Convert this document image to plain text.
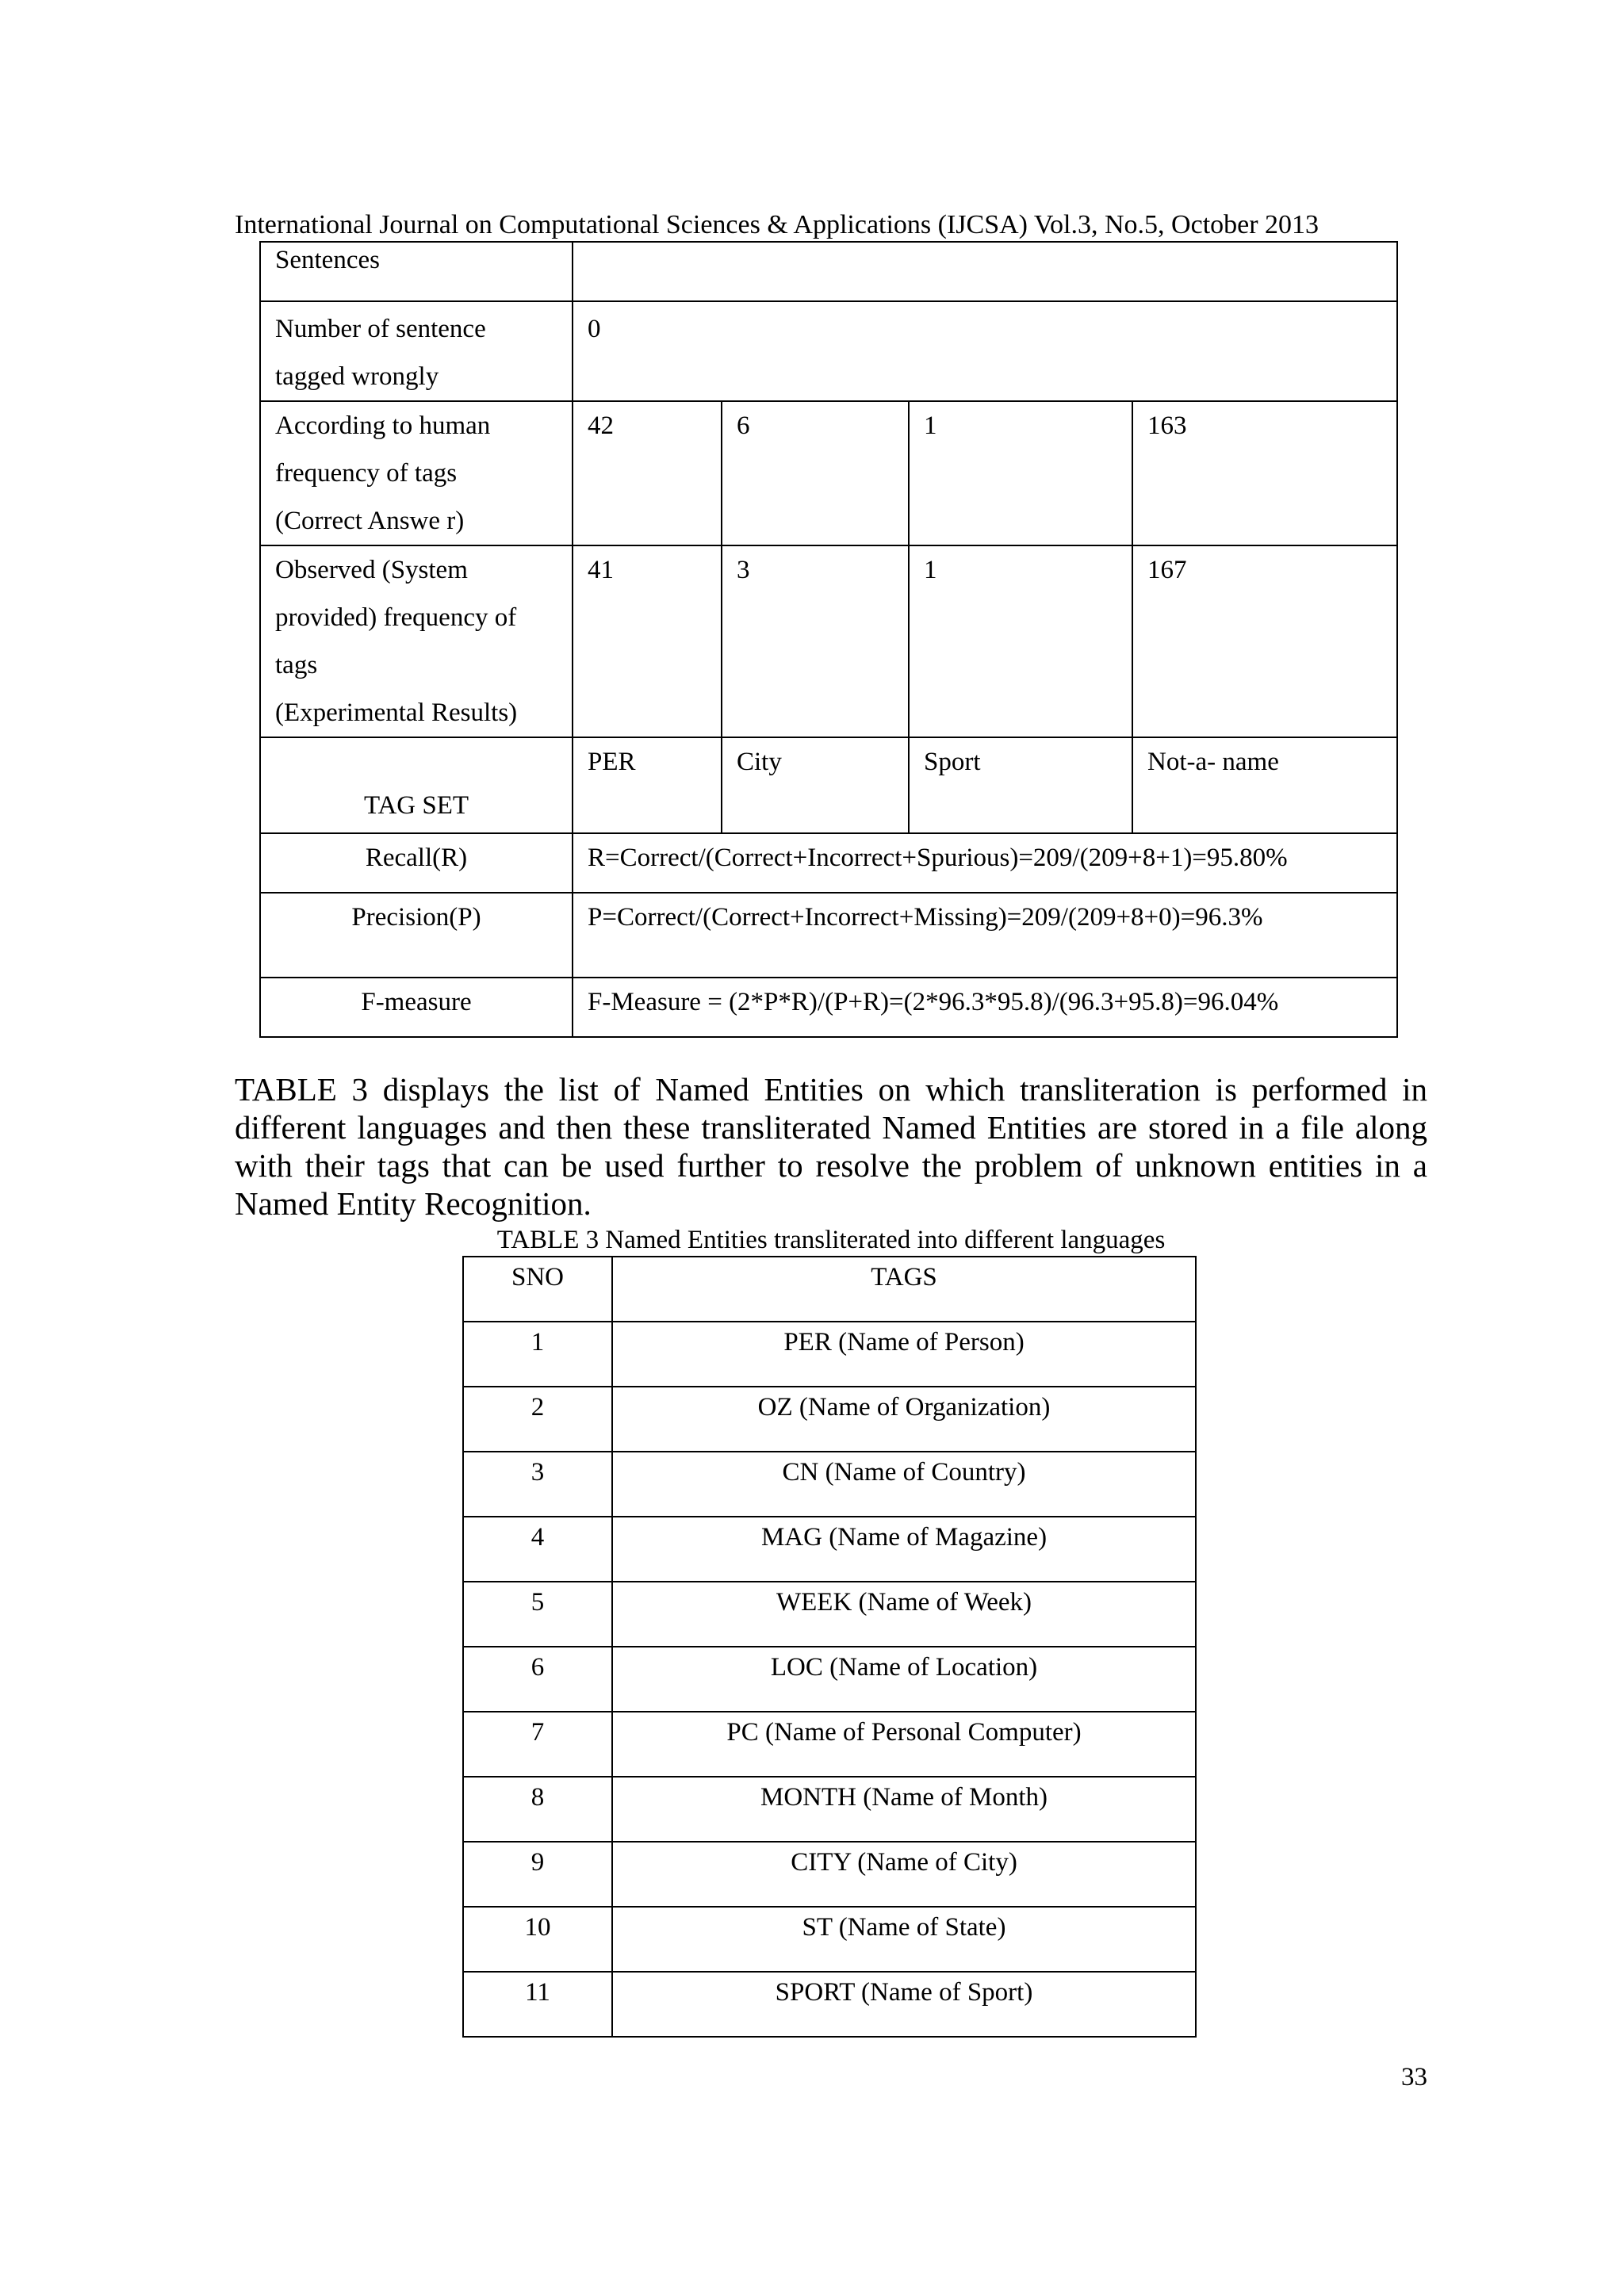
International Journal on Computational Sciences & Applications (IJCSA) Vol.3, No.5, October 2013
Sentences				

Number of sentence
tagged wrongly	0			

According to human
frequency of tags
(Correct Answe r)	42	6	1	163

Observed (System
provided) frequency of
tags
(Experimental Results)	41	3	1	167

TAG SET	PER	City	Sport	Not-a- name

Recall(R)	R=Correct/(Correct+Incorrect+Spurious)=209/(209+8+1)=95.80%			

Precision(P)	P=Correct/(Correct+Incorrect+Missing)=209/(209+8+0)=96.3%			

F-measure	F-Measure = (2*P*R)/(P+R)=(2*96.3*95.8)/(96.3+95.8)=96.04%			

TABLE 3 displays the list of Named Entities on which transliteration is performed in different languages and then these transliterated Named Entities are stored in a file along with their tags that can be used further to resolve the problem of unknown entities in a Named Entity Recognition.

TABLE 3 Named Entities transliterated into different languages
SNO	TAGS
1	PER (Name of Person)
2	OZ (Name of Organization)
3	CN (Name of Country)
4	MAG (Name of Magazine)
5	WEEK (Name of Week)
6	LOC (Name of Location)
7	PC (Name of Personal Computer)
8	MONTH (Name of Month)
9	CITY (Name of City)
10	ST (Name of State)
11	SPORT (Name of Sport)
33
